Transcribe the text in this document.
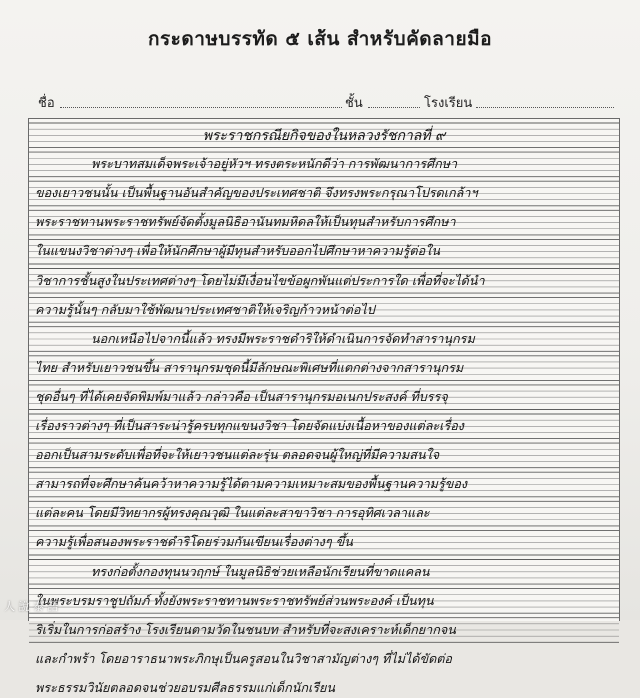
กระดาษบรรทัด ๕ เส้น สำหรับคัดลายมือ
ชื่อ	ชั้น	โรงเรียน
พระราชกรณียกิจของในหลวงรัชกาลที่ ๙
พระบาทสมเด็จพระเจ้าอยู่หัวฯ ทรงตระหนักดีว่า การพัฒนาการศึกษา
ของเยาวชนนั้น เป็นพื้นฐานอันสำคัญของประเทศชาติ จึงทรงพระกรุณาโปรดเกล้าฯ
พระราชทานพระราชทรัพย์จัดตั้งมูลนิธิอานันทมหิดลให้เป็นทุนสำหรับการศึกษา
ในแขนงวิชาต่างๆ เพื่อให้นักศึกษาผู้มีทุนสำหรับออกไปศึกษาหาความรู้ต่อใน
วิชาการชั้นสูงในประเทศต่างๆ โดยไม่มีเงื่อนไขข้อผูกพันแต่ประการใด เพื่อที่จะได้นำ
ความรู้นั้นๆ กลับมาใช้พัฒนาประเทศชาติให้เจริญก้าวหน้าต่อไป
นอกเหนือไปจากนี้แล้ว ทรงมีพระราชดำริให้ดำเนินการจัดทำสารานุกรม
ไทย สำหรับเยาวชนขึ้น สารานุกรมชุดนี้มีลักษณะพิเศษที่แตกต่างจากสารานุกรม
ชุดอื่นๆ ที่ได้เคยจัดพิมพ์มาแล้ว กล่าวคือ เป็นสารานุกรมอเนกประสงค์ ที่บรรจุ
เรื่องราวต่างๆ ที่เป็นสาระน่ารู้ครบทุกแขนงวิชา โดยจัดแบ่งเนื้อหาของแต่ละเรื่อง
ออกเป็นสามระดับเพื่อที่จะให้เยาวชนแต่ละรุ่น ตลอดจนผู้ใหญ่ที่มีความสนใจ
สามารถที่จะศึกษาค้นคว้าหาความรู้ได้ตามความเหมาะสมของพื้นฐานความรู้ของ
แต่ละคน โดยมีวิทยากรผู้ทรงคุณวุฒิ ในแต่ละสาขาวิชา การอุทิศเวลาและ
ความรู้เพื่อสนองพระราชดำริโดยร่วมกันเขียนเรื่องต่างๆ ขึ้น
ทรงก่อตั้งกองทุนนวฤกษ์ ในมูลนิธิช่วยเหลือนักเรียนที่ขาดแคลน
ในพระบรมราชูปถัมภ์ ทั้งยังพระราชทานพระราชทรัพย์ส่วนพระองค์ เป็นทุน
ริเริ่มในการก่อสร้าง โรงเรียนตามวัดในชนบท สำหรับที่จะสงเคราะห์เด็กยากจน
และกำพร้า โดยอาราธนาพระภิกษุเป็นครูสอนในวิชาสามัญต่างๆ ที่ไม่ได้ขัดต่อ
พระธรรมวินัยตลอดจนช่วยอบรมศีลธรรมแก่เด็กนักเรียน
人 說 泰 語
